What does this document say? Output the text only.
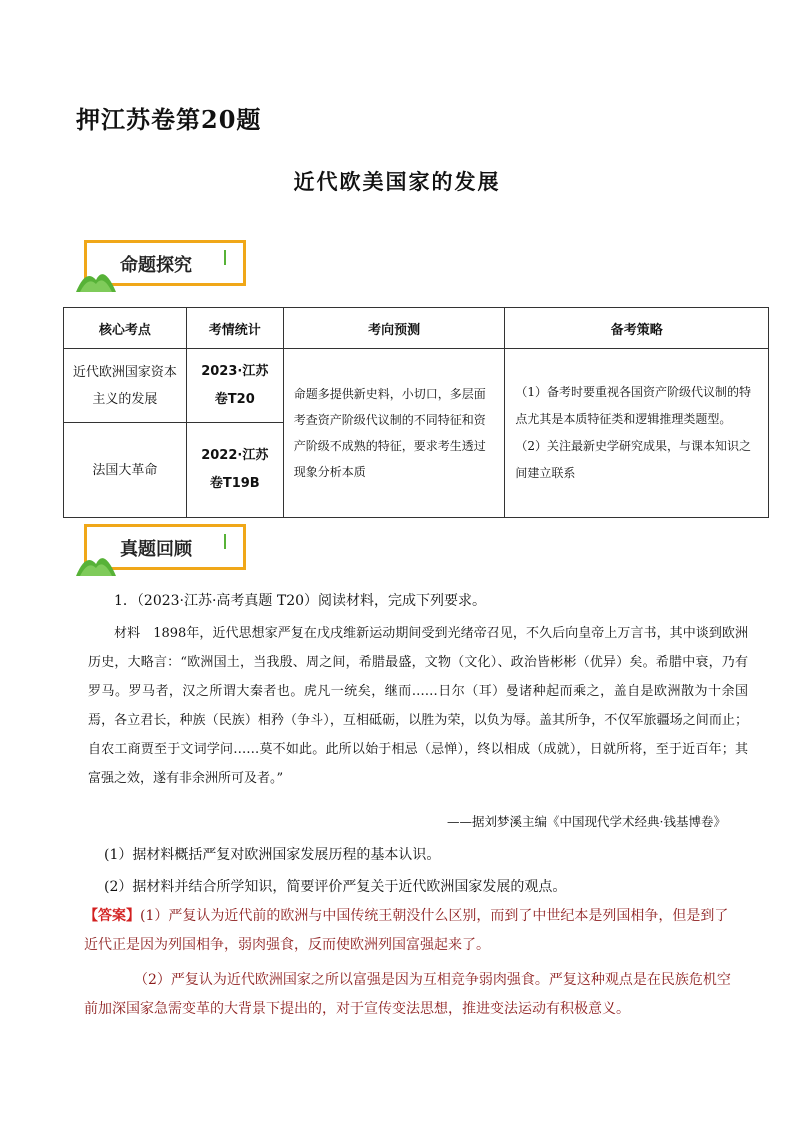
押江苏卷第20题
近代欧美国家的发展
命题探究
核心考点	考情统计	考向预测	备考策略
近代欧洲国家资本主义的发展	2023·江苏卷T20	命题多提供新史料，小切口，多层面考查资产阶级代议制的不同特征和资产阶级不成熟的特征，要求考生透过现象分析本质	（1）备考时要重视各国资产阶级代议制的特点尤其是本质特征类和逻辑推理类题型。
（2）关注最新史学研究成果，与课本知识之间建立联系

法国大革命	2022·江苏卷T19B		
真题回顾
1．（2023·江苏·高考真题 T20）阅读材料，完成下列要求。

材料　1898年，近代思想家严复在戊戌维新运动期间受到光绪帝召见，不久后向皇帝上万言书，其中谈到欧洲历史，大略言：“欧洲国土，当我殷、周之间，希腊最盛，文物（文化）、政治皆彬彬（优异）矣。希腊中衰，乃有罗马。罗马者，汉之所谓大秦者也。虎凡一统矣，继而……日尔（耳）曼诸种起而乘之，盖自是欧洲散为十余国焉，各立君长，种族（民族）相矜（争斗），互相砥砺，以胜为荣，以负为辱。盖其所争，不仅军旅疆场之间而止；自农工商贾至于文词学问……莫不如此。此所以始于相忌（忌惮），终以相成（成就），日就所将，至于近百年；其富强之效，遂有非余洲所可及者。”

——据刘梦溪主编《中国现代学术经典·钱基博卷》
(1）据材料概括严复对欧洲国家发展历程的基本认识。
(2）据材料并结合所学知识，简要评价严复关于近代欧洲国家发展的观点。
【答案】(1）严复认为近代前的欧洲与中国传统王朝没什么区别，而到了中世纪本是列国相争，但是到了近代正是因为列国相争，弱肉强食，反而使欧洲列国富强起来了。
（2）严复认为近代欧洲国家之所以富强是因为互相竞争弱肉强食。严复这种观点是在民族危机空前加深国家急需变革的大背景下提出的，对于宣传变法思想，推进变法运动有积极意义。
